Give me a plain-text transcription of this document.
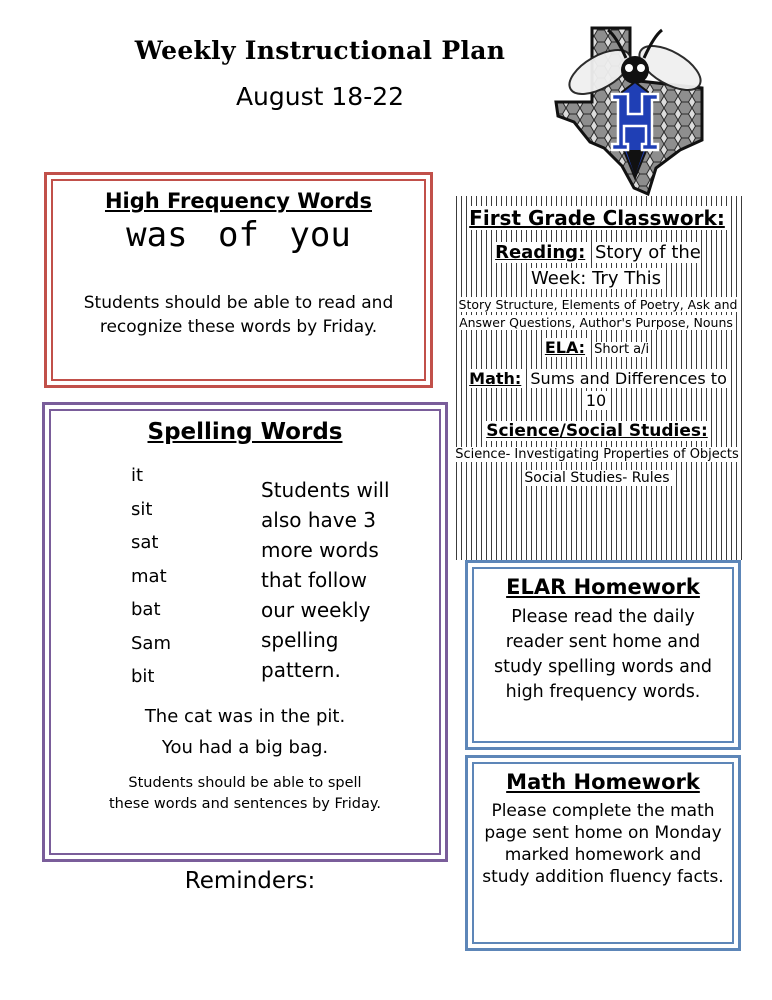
Weekly Instructional Plan
August 18-22
High Frequency Words
was of you
Students should be able to read and
recognize these words by Friday.
Spelling Words
it
sit
sat
mat
bat
Sam
bit
Students will
also have 3
more words
that follow
our weekly
spelling
pattern.
The cat was in the pit.
You had a big bag.
Students should be able to spell
these words and sentences by Friday.
Reminders:
First Grade Classwork:
Reading: Story of the Week: Try This
Story Structure, Elements of Poetry, Ask and Answer Questions, Author's Purpose, Nouns
ELA: Short a/i
Math: Sums and Differences to 10
Science/Social Studies:
Science- Investigating Properties of Objects
Social Studies- Rules
ELAR Homework
Please read the daily reader sent home and study spelling words and high frequency words.
Math Homework
Please complete the math page sent home on Monday marked homework and study addition fluency facts.
